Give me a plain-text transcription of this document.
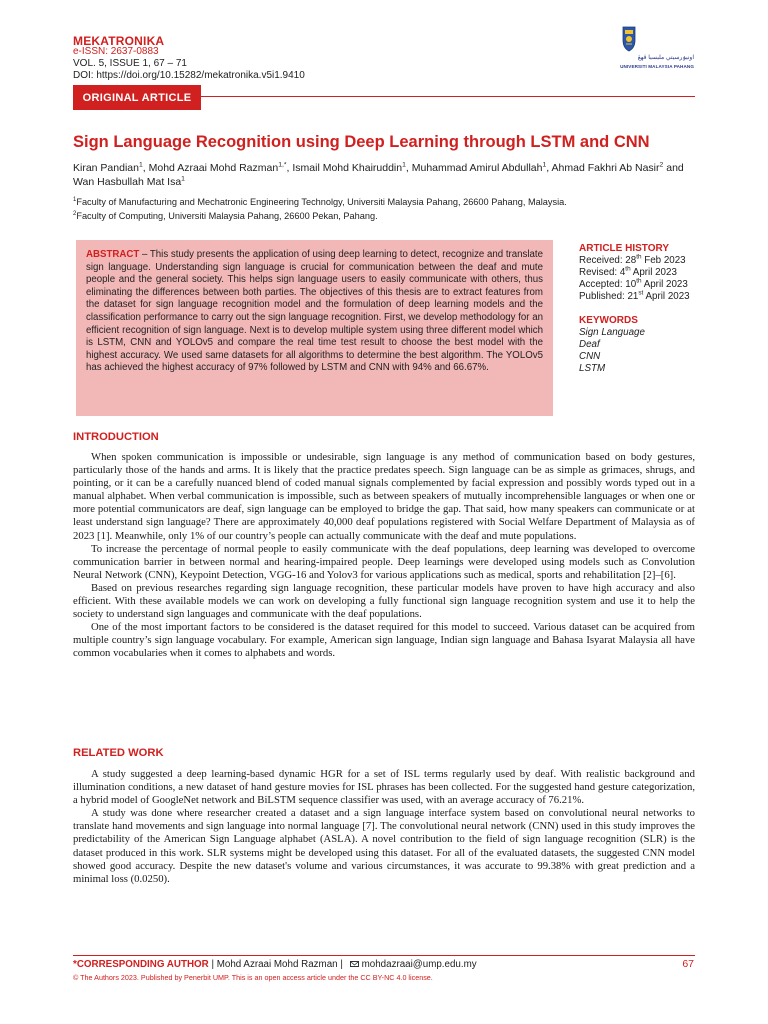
MEKATRONIKA
e-ISSN: 2637-0883
VOL. 5, ISSUE 1, 67 – 71
DOI: https://doi.org/10.15282/mekatronika.v5i1.9410
اونيۏرسيتي مليسيا ڤهڠ
UNIVERSITI MALAYSIA PAHANG
ORIGINAL ARTICLE
Sign Language Recognition using Deep Learning through LSTM and CNN
Kiran Pandian$^1$, Mohd Azraai Mohd Razman$^{1,*}$, Ismail Mohd Khairuddin$^1$, Muhammad Amirul Abdullah$^1$, Ahmad Fakhri Ab Nasir$^2$ and
Wan Hasbullah Mat Isa$^1$
$^1$Faculty of Manufacturing and Mechatronic Engineering Technolgy, Universiti Malaysia Pahang, 26600 Pahang, Malaysia.
$^2$Faculty of Computing, Universiti Malaysia Pahang, 26600 Pekan, Pahang.
ABSTRACT – This study presents the application of using deep learning to detect, recognize and translate sign language. Understanding sign language is crucial for communication between the deaf and mute people and the general society. This helps sign language users to easily communicate with others, thus eliminating the differences between both parties. The objectives of this thesis are to extract features from the dataset for sign language recognition model and the formulation of deep learning models and the classification performance to carry out the sign language recognition. First, we develop methodology for an efficient recognition of sign language. Next is to develop multiple system using three different model which is LSTM, CNN and YOLOv5 and compare the real time test result to choose the best model with the highest accuracy. We used same datasets for all algorithms to determine the best algorithm. The YOLOv5 has achieved the highest accuracy of 97% followed by LSTM and CNN with 94% and 66.67%.
ARTICLE HISTORY
Received: 28th Feb 2023
Revised: 4th April 2023
Accepted: 10th April 2023
Published: 21st April 2023
KEYWORDS
Sign Language
Deaf
CNN
LSTM
INTRODUCTION

When spoken communication is impossible or undesirable, sign language is any method of communication based on body gestures, particularly those of the hands and arms. It is likely that the practice predates speech. Sign language can be as simple as grimaces, shrugs, and pointing, or it can be a carefully nuanced blend of coded manual signals complemented by facial expression and possibly words typed out in a manual alphabet. When verbal communication is impossible, such as between speakers of mutually incomprehensible languages or when one or more potential communicators are deaf, sign language can be employed to bridge the gap. That said, how many speakers can communicate or at least understand sign language? There are approximately 40,000 deaf populations registered with Social Welfare Department of Malaysia as of 2023 [1]. Meanwhile, only 1% of our country’s people can actually communicate with the deaf and mute populations.

To increase the percentage of normal people to easily communicate with the deaf populations, deep learning was developed to overcome communication barrier in between normal and hearing-impaired people. Deep learnings were developed using models such as Convolution Neural Network (CNN), Keypoint Detection, VGG-16 and Yolov3 for various applications such as medical, sports and rehabilitation [2]–[6].

Based on previous researches regarding sign language recognition, these particular models have proven to have high accuracy and also efficient. With these available models we can work on developing a fully functional sign language recognition system and use it to help the society to understand sign languages and communicate with the deaf populations.

One of the most important factors to be considered is the dataset required for this model to succeed. Various dataset can be acquired from multiple country’s sign language vocabulary. For example, American sign language, Indian sign language and Bahasa Isyarat Malaysia all have common vocabularies when it comes to alphabets and words.

RELATED WORK

A study suggested a deep learning-based dynamic HGR for a set of ISL terms regularly used by deaf. With realistic background and illumination conditions, a new dataset of hand gesture movies for ISL phrases has been collected. For the suggested hand gesture categorization, a hybrid model of GoogleNet network and BiLSTM sequence classifier was used, with an average accuracy of 76.21%.

A study was done where researcher created a dataset and a sign language interface system based on convolutional neural networks to translate hand movements and sign language into normal language [7]. The convolutional neural network (CNN) used in this study improves the predictability of the American Sign Language alphabet (ASLA). A novel contribution to the field of sign language recognition (SLR) is the dataset produced in this work. SLR systems might be developed using this dataset. For all of the evaluated datasets, the suggested CNN model showed good accuracy. Despite the new dataset's volume and various circumstances, it was accurate to 99.38% with great prediction and a minimal loss (0.0250).

*CORRESPONDING AUTHOR | Mohd Azraai Mohd Razman |
mohdazraai@ump.edu.my	67
© The Authors 2023. Published by Penerbit UMP. This is an open access article under the CC BY-NC 4.0 license.
